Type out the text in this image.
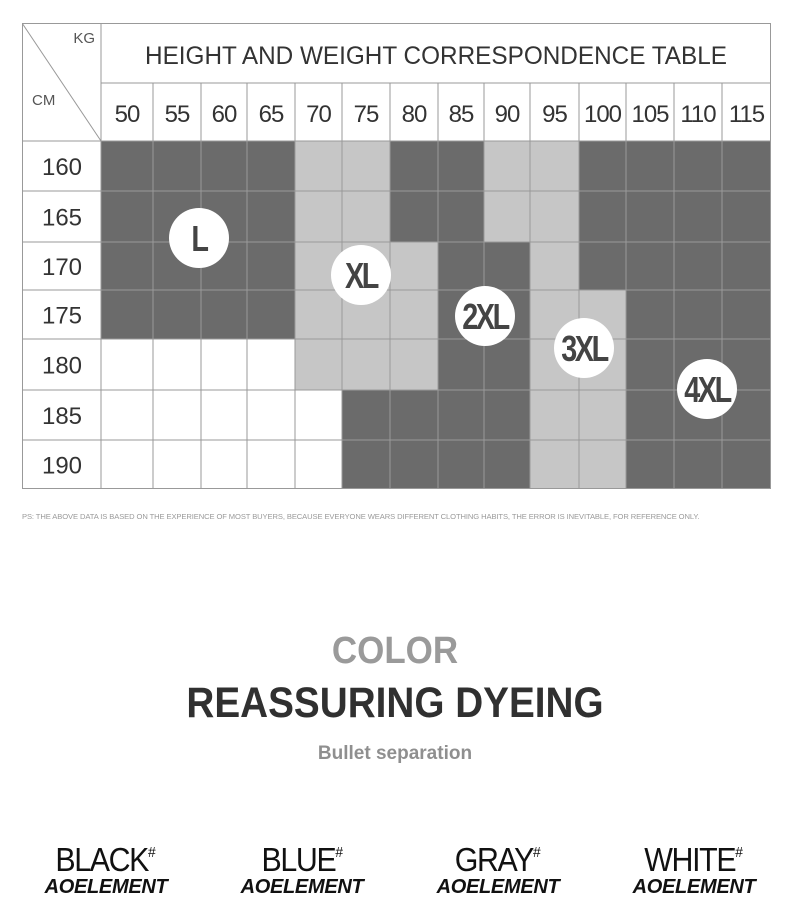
KG
CM
HEIGHT AND WEIGHT CORRESPONDENCE TABLE
50 55 60 65 70 75 80 85 90 95 100 105 110 115
160
165
170
175
180
185
190
L
XL
2XL
3XL
4XL
PS: THE ABOVE DATA IS BASED ON THE EXPERIENCE OF MOST BUYERS, BECAUSE EVERYONE WEARS DIFFERENT CLOTHING HABITS, THE ERROR IS INEVITABLE, FOR REFERENCE ONLY.
COLOR
REASSURING DYEING
Bullet separation
BLACK#
AOELEMENT
BLUE#
AOELEMENT
GRAY#
AOELEMENT
WHITE#
AOELEMENT
